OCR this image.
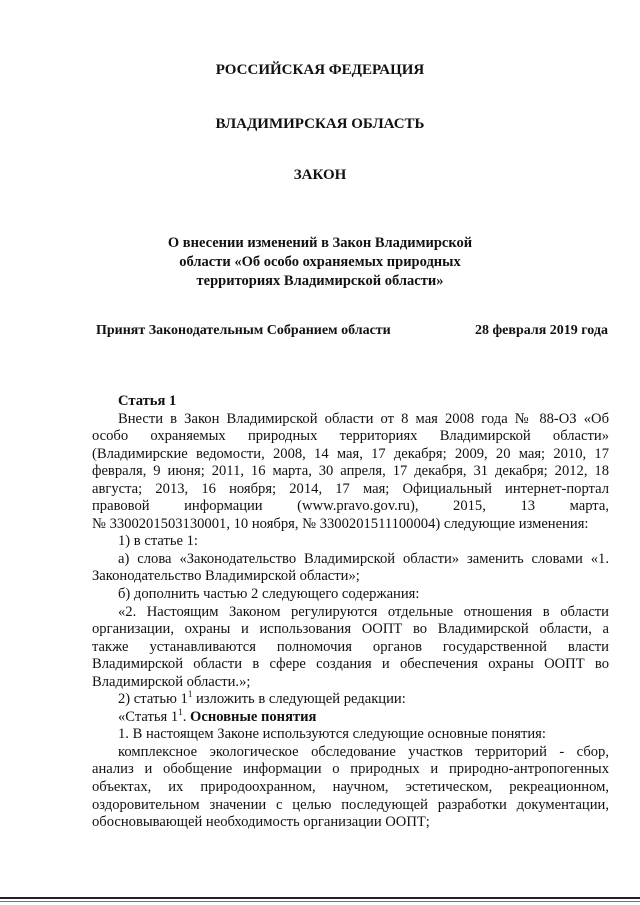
РОССИЙСКАЯ ФЕДЕРАЦИЯ
ВЛАДИМИРСКАЯ ОБЛАСТЬ
ЗАКОН
О внесении изменений в Закон Владимирской
области «Об особо охраняемых природных
территориях Владимирской области»
Принят Законодательным Собранием области	28 февраля 2019 года

Статья 1

Внести в Закон Владимирской области от 8 мая 2008 года № 88-ОЗ «Об

особо охраняемых природных территориях Владимирской области»

(Владимирские ведомости, 2008, 14 мая, 17 декабря; 2009, 20 мая; 2010, 17

февраля, 9 июня; 2011, 16 марта, 30 апреля, 17 декабря, 31 декабря; 2012, 18

августа; 2013, 16 ноября; 2014, 17 мая; Официальный интернет-портал

правовой информации (www.pravo.gov.ru), 2015, 13 марта,

№ 3300201503130001, 10 ноября, № 3300201511100004) следующие изменения:

1) в статье 1:

а) слова «Законодательство Владимирской области» заменить словами «1.

Законодательство Владимирской области»;

б) дополнить частью 2 следующего содержания:

«2. Настоящим Законом регулируются отдельные отношения в области

организации, охраны и использования ООПТ во Владимирской области, а

также устанавливаются полномочия органов государственной власти

Владимирской области в сфере создания и обеспечения охраны ООПТ во

Владимирской области.»;

2) статью $1^1$ изложить в следующей редакции:

«Статья $1^1$. Основные понятия

1. В настоящем Законе используются следующие основные понятия:

комплексное экологическое обследование участков территорий - сбор,

анализ и обобщение информации о природных и природно-антропогенных

объектах, их природоохранном, научном, эстетическом, рекреационном,

оздоровительном значении с целью последующей разработки документации,

обосновывающей необходимость организации ООПТ;
